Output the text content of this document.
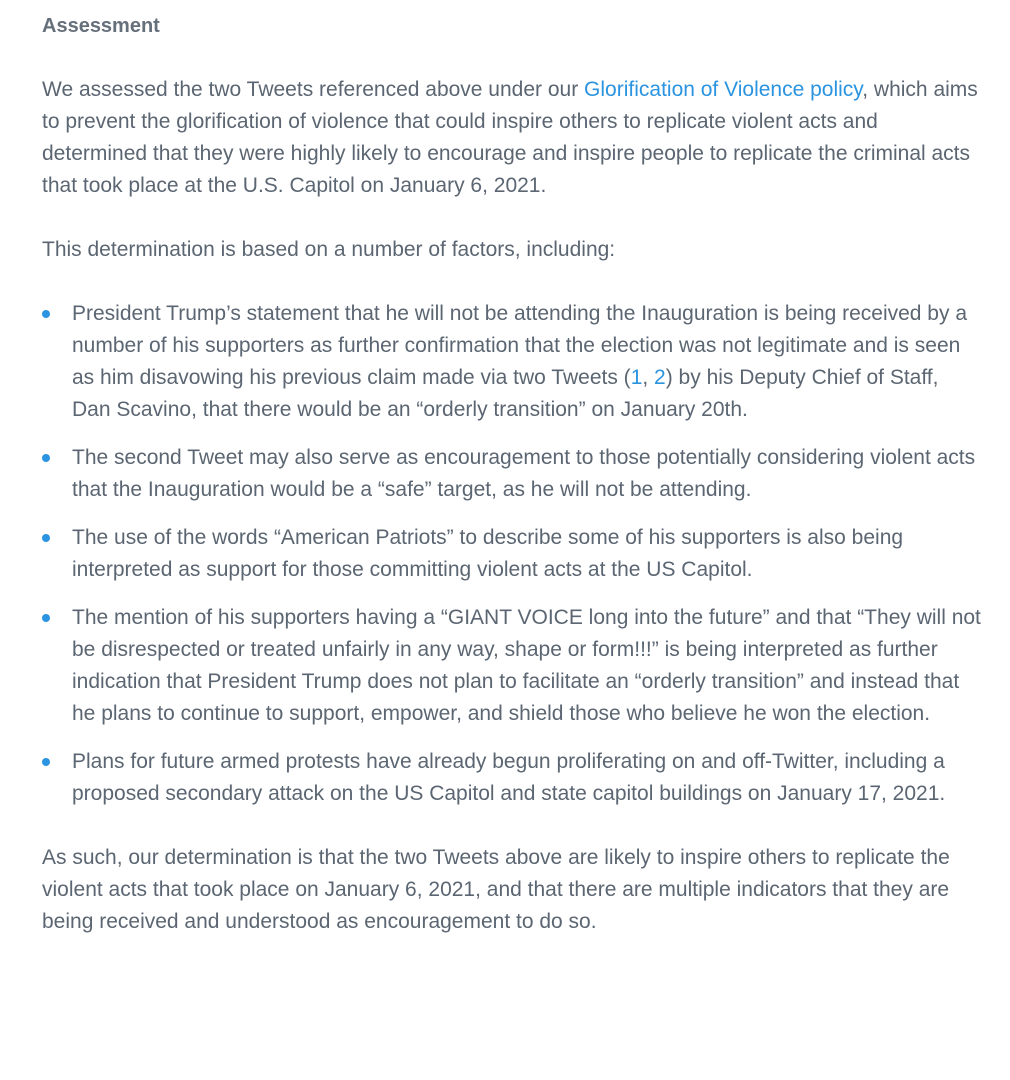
Assessment

We assessed the two Tweets referenced above under our Glorification of Violence policy, which aims to prevent the glorification of violence that could inspire others to replicate violent acts and determined that they were highly likely to encourage and inspire people to replicate the criminal acts that took place at the U.S. Capitol on January 6, 2021.

This determination is based on a number of factors, including:

President Trump’s statement that he will not be attending the Inauguration is being received by a number of his supporters as further confirmation that the election was not legitimate and is seen as him disavowing his previous claim made via two Tweets (1, 2) by his Deputy Chief of Staff, Dan Scavino, that there would be an “orderly transition” on January 20th.
The second Tweet may also serve as encouragement to those potentially considering violent acts that the Inauguration would be a “safe” target, as he will not be attending.
The use of the words “American Patriots” to describe some of his supporters is also being interpreted as support for those committing violent acts at the US Capitol.
The mention of his supporters having a “GIANT VOICE long into the future” and that “They will not be disrespected or treated unfairly in any way, shape or form!!!” is being interpreted as further indication that President Trump does not plan to facilitate an “orderly transition” and instead that he plans to continue to support, empower, and shield those who believe he won the election.
Plans for future armed protests have already begun proliferating on and off-Twitter, including a proposed secondary attack on the US Capitol and state capitol buildings on January 17, 2021.

As such, our determination is that the two Tweets above are likely to inspire others to replicate the violent acts that took place on January 6, 2021, and that there are multiple indicators that they are being received and understood as encouragement to do so.
